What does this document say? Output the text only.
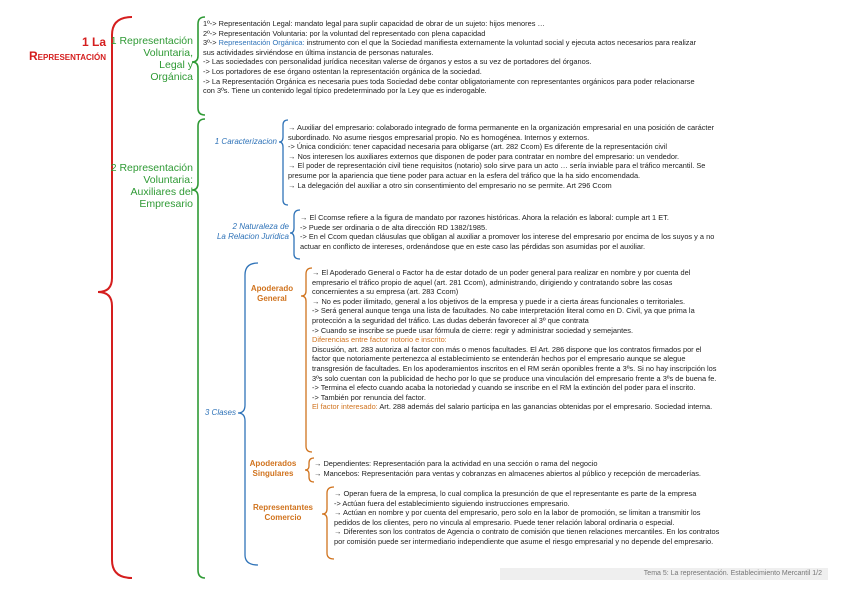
1 La
Representación
1 Representación
Voluntaria,
Legal y
Orgánica
1º-> Representación Legal: mandato legal para suplir capacidad de obrar de un sujeto: hijos menores …
2º-> Representación Voluntaria: por la voluntad del representado con plena capacidad
3º-> Representación Orgánica: instrumento con el que la Sociedad manifiesta externamente la voluntad social y ejecuta actos necesarios para realizar
sus actividades sirviéndose en última instancia de personas naturales.
-> Las sociedades con personalidad jurídica necesitan valerse de órganos y estos a su vez de portadores del órganos.
-> Los portadores de ese órgano ostentan la representación orgánica de la sociedad.
-> La Representación Orgánica es necesaria pues toda Sociedad debe contar obligatoriamente con representantes orgánicos para poder relacionarse
con 3ºs. Tiene un contenido legal típico predeterminado por la Ley que es inderogable.
2 Representación
Voluntaria:
Auxiliares del
Empresario
1 Caracterizacion
→ Auxiliar del empresario: colaborado integrado de forma permanente en la organización empresarial en una posición de carácter
subordinado. No asume riesgos empresarial propio. No es homogénea. Internos y externos.
-> Única condición: tener capacidad necesaria para obligarse (art. 282 Ccom) Es diferente de la representación civil
→ Nos interesen los auxiliares externos que disponen de poder para contratar en nombre del empresario: un vendedor.
→ El poder de representación civil tiene requisitos (notario) solo sirve para un acto … sería inviable para el tráfico mercantil. Se
presume por la apariencia que tiene poder para actuar en la esfera del tráfico que la ha sido encomendada.
→ La delegación del auxiliar a otro sin consentimiento del empresario no se permite. Art 296 Ccom
2 Naturaleza de
La Relacion Juridica
→ El Ccomse refiere a la figura de mandato por razones históricas. Ahora la relación es laboral: cumple art 1 ET.
-> Puede ser ordinaria o de alta dirección RD 1382/1985.
-> En el Ccom quedan cláusulas que obligan al auxiliar a promover los interese del empresario por encima de los suyos y a no
actuar en conflicto de intereses, ordenándose que en este caso las pérdidas son asumidas por el auxiliar.
3 Clases
Apoderado
General
→ El Apoderado General o Factor ha de estar dotado de un poder general para realizar en nombre y por cuenta del
empresario el tráfico propio de aquel (art. 281 Ccom), administrando, dirigiendo y contratando sobre las cosas
concernientes a su empresa (art. 283 Ccom)
→ No es poder ilimitado, general a los objetivos de la empresa y puede ir a cierta áreas funcionales o territoriales.
-> Será general aunque tenga una lista de facultades. No cabe interpretación literal como en D. Civil, ya que prima la
protección a la seguridad del tráfico. Las dudas deberán favorecer al 3º que contrata
-> Cuando se inscribe se puede usar fórmula de cierre: regir y administrar sociedad y semejantes.
Diferencias entre factor notorio e inscrito:
Discusión, art. 283 autoriza al factor con más o menos facultades. El Art. 286 dispone que los contratos firmados por el
factor que notoriamente pertenezca al establecimiento se entenderán hechos por el empresario aunque se alegue
transgresión de facultades. En los apoderamientos inscritos en el RM serán oponibles frente a 3ºs. Si no hay inscripción los
3ºs solo cuentan con la publicidad de hecho por lo que se produce una vinculación del empresario frente a 3ºs de buena fe.
-> Termina el efecto cuando acaba la notoriedad y cuando se inscribe en el RM la extinción del poder para el inscrito.
-> También por renuncia del factor.
El factor interesado: Art. 288 además del salario participa en las ganancias obtenidas por el empresario. Sociedad interna.
Apoderados
Singulares
→ Dependientes: Representación para la actividad en una sección o rama del negocio
→ Mancebos: Representación para ventas y cobranzas en almacenes abiertos al público y recepción de mercaderías.
Representantes
Comercio
→ Operan fuera de la empresa, lo cual complica la presunción de que el representante es parte de la empresa
-> Actúan fuera del establecimiento siguiendo instrucciones empresario.
→ Actúan en nombre y por cuenta del empresario, pero solo en la labor de promoción, se limitan a transmitir los
pedidos de los clientes, pero no vincula al empresario. Puede tener relación laboral ordinaria o especial.
→ Diferentes son los contratos de Agencia o contrato de comisión que tienen relaciones mercantiles. En los contratos
por comisión puede ser intermediario independiente que asume el riesgo empresarial y no depende del empresario.
Tema 5: La representación. Establecimiento Mercantil 1/2
